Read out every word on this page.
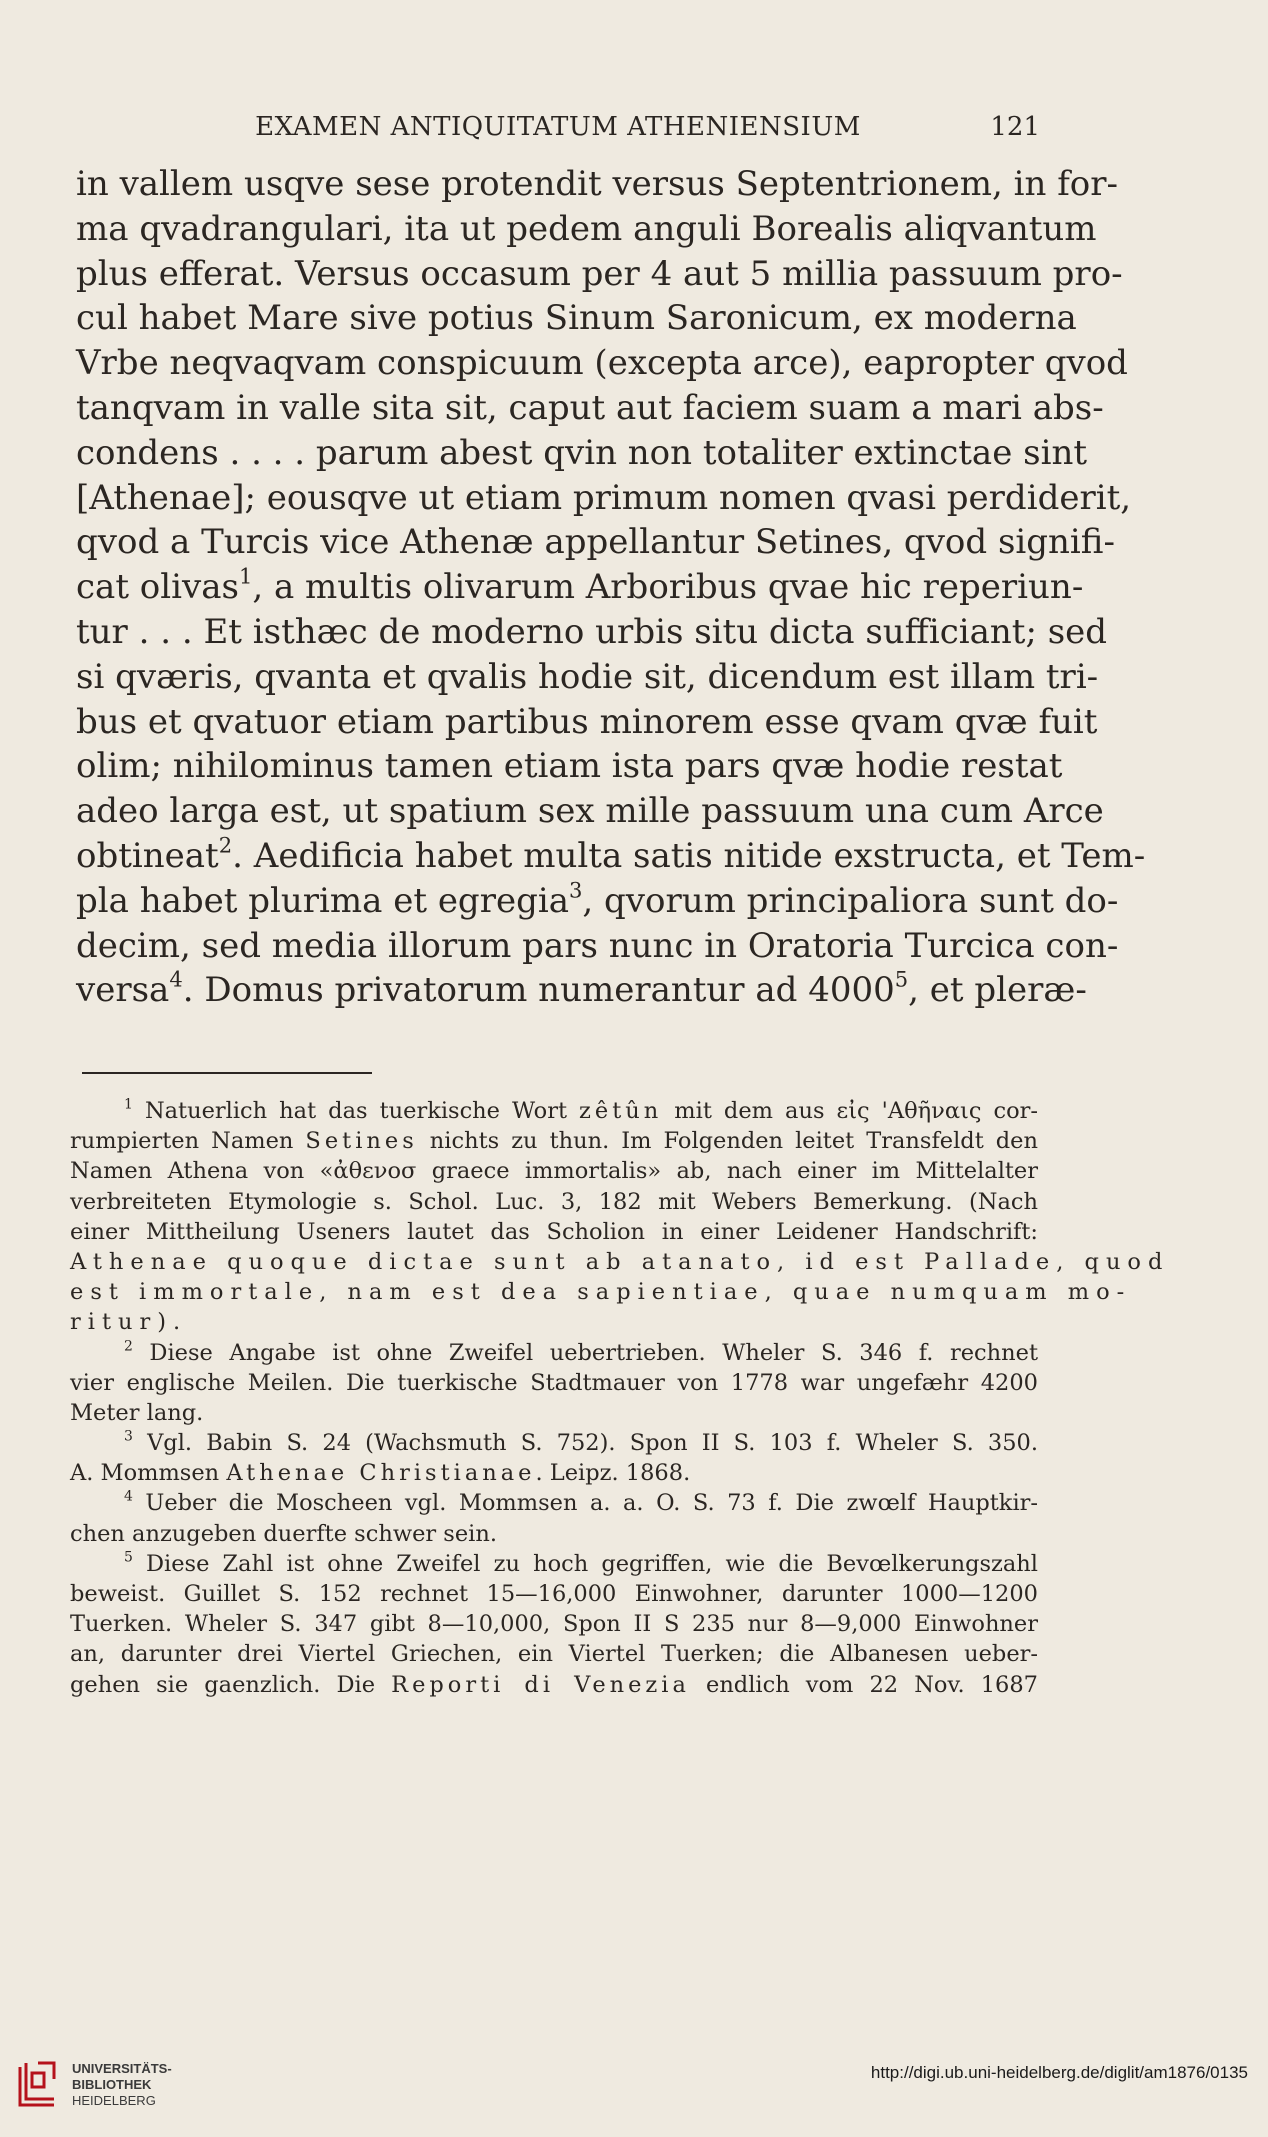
EXAMEN ANTIQUITATUM ATHENIENSIUM	121
in vallem usqve sese protendit versus Septentrionem, in for-
ma qvadrangulari, ita ut pedem anguli Borealis aliqvantum
plus efferat. Versus occasum per 4 aut 5 millia passuum pro-
cul habet Mare sive potius Sinum Saronicum, ex moderna
Vrbe neqvaqvam conspicuum (excepta arce), eapropter qvod
tanqvam in valle sita sit, caput aut faciem suam a mari abs-
condens . . . . parum abest qvin non totaliter extinctae sint
[Athenae]; eousqve ut etiam primum nomen qvasi perdiderit,
qvod a Turcis vice Athenæ appellantur Setines, qvod signifi-
cat olivas$^1$, a multis olivarum Arboribus qvae hic reperiun-
tur . . . Et isthæc de moderno urbis situ dicta sufficiant; sed
si qværis, qvanta et qvalis hodie sit, dicendum est illam tri-
bus et qvatuor etiam partibus minorem esse qvam qvæ fuit
olim; nihilominus tamen etiam ista pars qvæ hodie restat
adeo larga est, ut spatium sex mille passuum una cum Arce
obtineat$^2$. Aedificia habet multa satis nitide exstructa, et Tem-
pla habet plurima et egregia$^3$, qvorum principaliora sunt do-
decim, sed media illorum pars nunc in Oratoria Turcica con-
versa$^4$. Domus privatorum numerantur ad 4000$^5$, et pleræ-
$^1$ Natuerlich hat das tuerkische Wort zêtûn mit dem aus εἰς 'Αθῆναις cor-
rumpierten Namen Setines nichts zu thun. Im Folgenden leitet Transfeldt den
Namen Athena von «ἀθενοσ graece immortalis» ab, nach einer im Mittelalter
verbreiteten Etymologie s. Schol. Luc. 3, 182 mit Webers Bemerkung. (Nach
einer Mittheilung Useners lautet das Scholion in einer Leidener Handschrift:
Athenae quoque dictae sunt ab atanato, id est Pallade, quod
est immortale, nam est dea sapientiae, quae numquam mo-
ritur).
$^2$ Diese Angabe ist ohne Zweifel uebertrieben. Wheler S. 346 f. rechnet
vier englische Meilen. Die tuerkische Stadtmauer von 1778 war ungefæhr 4200
Meter lang.
$^3$ Vgl. Babin S. 24 (Wachsmuth S. 752). Spon II S. 103 f. Wheler S. 350.
A. Mommsen Athenae Christianae. Leipz. 1868.
$^4$ Ueber die Moscheen vgl. Mommsen a. a. O. S. 73 f. Die zwœlf Hauptkir-
chen anzugeben duerfte schwer sein.
$^5$ Diese Zahl ist ohne Zweifel zu hoch gegriffen, wie die Bevœlkerungszahl
beweist. Guillet S. 152 rechnet 15—16,000 Einwohner, darunter 1000—1200
Tuerken. Wheler S. 347 gibt 8—10,000, Spon II S 235 nur 8—9,000 Einwohner
an, darunter drei Viertel Griechen, ein Viertel Tuerken; die Albanesen ueber-
gehen sie gaenzlich. Die Reporti di Venezia endlich vom 22 Nov. 1687
UNIVERSITÄTS-
BIBLIOTHEK
HEIDELBERG
http://digi.ub.uni-heidelberg.de/diglit/am1876/0135
